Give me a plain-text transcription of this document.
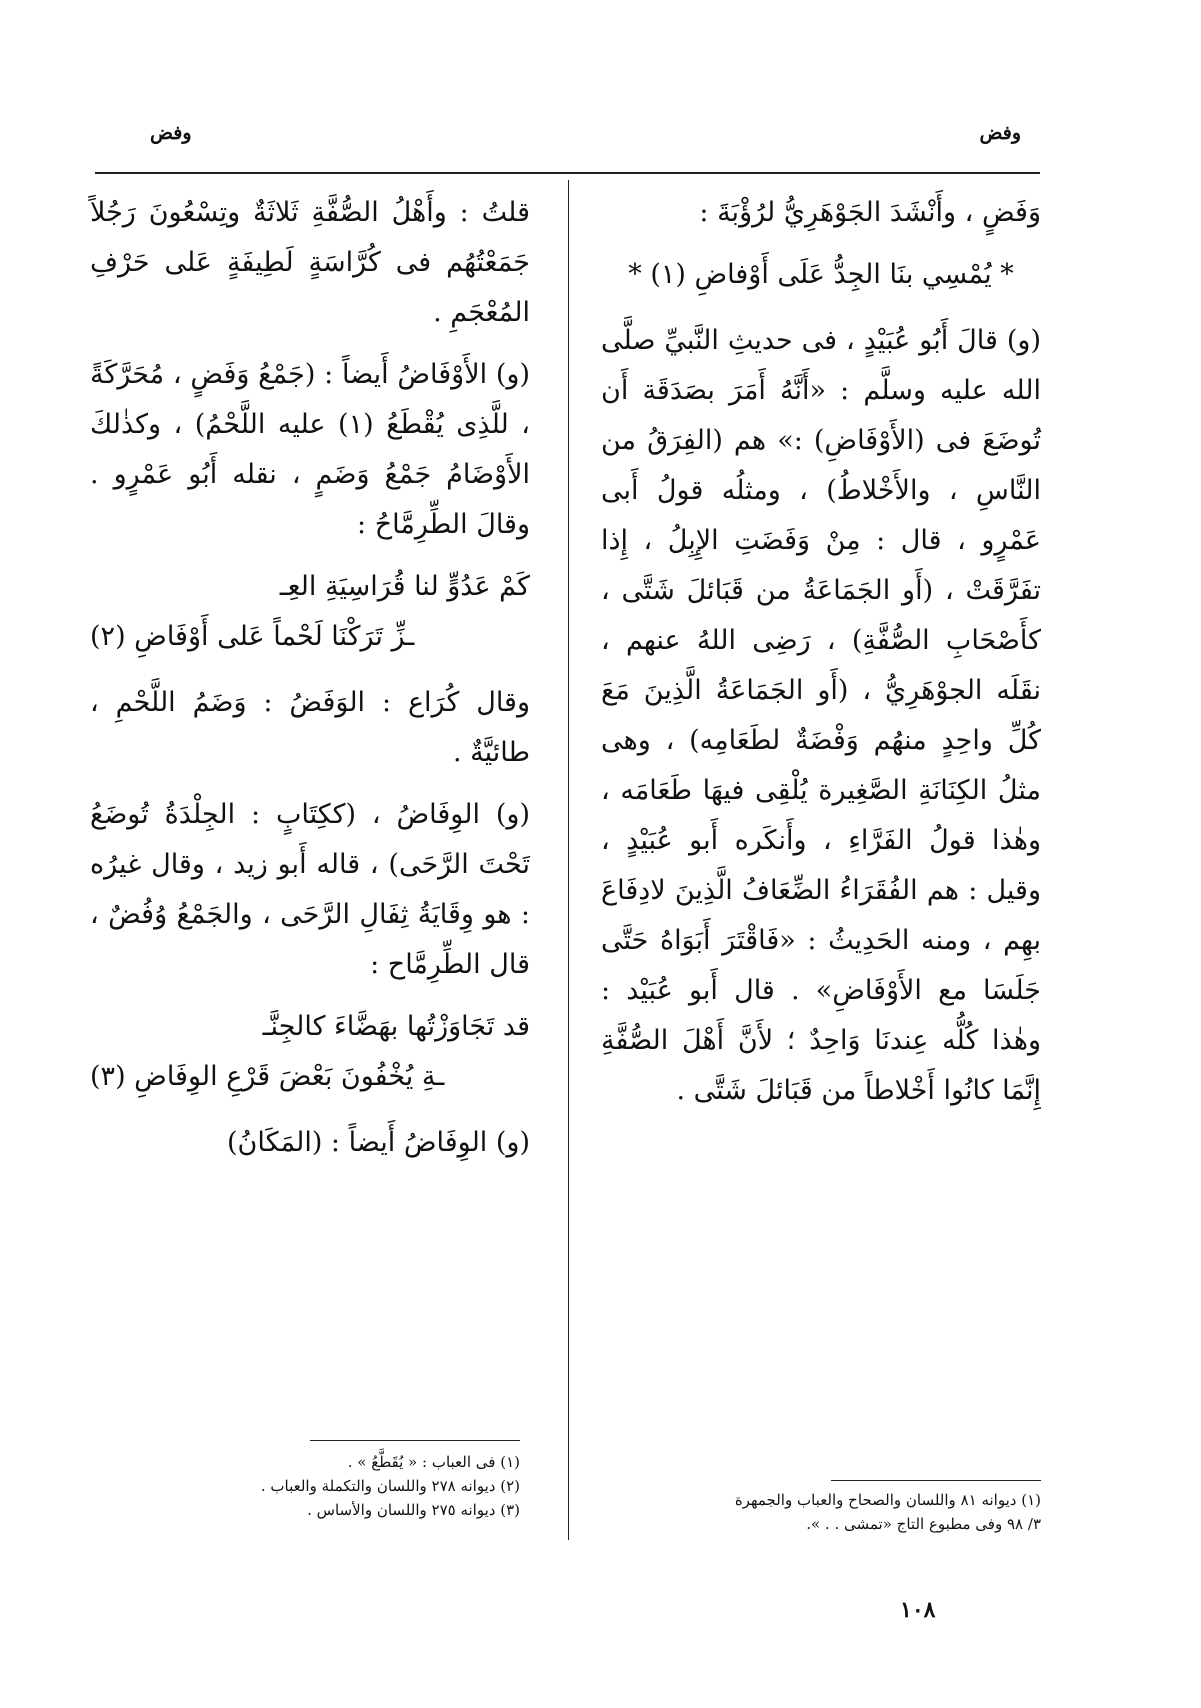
وفض
وفض

وَفَضٍ ، وأَنْشَدَ الجَوْهَرِيُّ لرُؤْبَةَ :

* يُمْسِي بنَا الجِدُّ عَلَى أَوْفاضِ (١) *

(و) قالَ أَبُو عُبَيْدٍ ، فى حديثِ النَّبيِّ صلَّى الله عليه وسلَّم : «أَنَّهُ أَمَرَ بصَدَقَة أَن تُوضَعَ فى (الأَوْفَاضِ) :» هم (الفِرَقُ من النَّاسِ ، والأَخْلاطُ) ، ومثلُه قولُ أَبى عَمْرٍو ، قال : مِنْ وَفَضَتِ الإِبِلُ ، إِذا تفَرَّقَتْ ، (أَو الجَمَاعَةُ من قَبَائلَ شَتَّى ، كأَصْحَابِ الصُّفَّةِ) ، رَضِى اللهُ عنهم ، نقَلَه الجوْهَرِيُّ ، (أَو الجَمَاعَةُ الَّذِينَ مَعَ كُلِّ واحِدٍ منهُم وَفْضَةٌ لطَعَامِه) ، وهى مثلُ الكِنَانَةِ الصَّغِيرة يُلْقِى فيهَا طَعَامَه ، وهٰذا قولُ الفَرَّاءِ ، وأَنكَره أَبو عُبَيْدٍ ، وقيل : هم الفُقَرَاءُ الضِّعَافُ الَّذِينَ لادِفَاعَ بهِم ، ومنه الحَدِيثُ : «فَاقْتَرَ أَبَوَاهُ حَتَّى جَلَسَا مع الأَوْفَاضِ» . قال أَبو عُبَيْد : وهٰذا كُلُّه عِندنَا وَاحِدٌ ؛ لأَنَّ أَهْلَ الصُّفَّةِ إِنَّمَا كانُوا أَخْلاطاً من قَبَائلَ شَتَّى .

قلتُ : وأَهْلُ الصُّفَّةِ ثَلاثَةٌ وتِسْعُونَ رَجُلاً جَمَعْتُهُم فى كُرَّاسَةٍ لَطِيفَةٍ عَلى حَرْفِ المُعْجَمِ .

(و) الأَوْفَاضُ أَيضاً : (جَمْعُ وَفَضٍ ، مُحَرَّكَةً ، للَّذِى يُقْطَعُ (١) عليه اللَّحْمُ) ، وكذٰلكَ الأَوْضَامُ جَمْعُ وَضَمٍ ، نقله أَبُو عَمْرٍو . وقالَ الطِّرِمَّاحُ :

كَمْ عَدُوٍّ لنا قُرَاسِيَةِ العِـ
ـزِّ تَرَكْنَا لَحْماً عَلى أَوْفَاضِ (٢)

وقال كُرَاع : الوَفَضُ : وَضَمُ اللَّحْمِ ، طائيَّةٌ .

(و) الوِفَاضُ ، (ككِتَابٍ : الجِلْدَةُ تُوضَعُ تَحْتَ الرَّحَى) ، قاله أَبو زيد ، وقال غيرُه : هو وِقَايَةُ ثِفَالِ الرَّحَى ، والجَمْعُ وُفُضٌ ، قال الطِّرِمَّاح :

قد تَجَاوَزْتُها بهَضَّاءَ كالجِنَّـ
ـةِ يُخْفُونَ بَعْضَ قَرْعِ الوِفَاضِ (٣)

(و) الوِفَاضُ أَيضاً : (المَكَانُ)

(١) ديوانه ٨١ واللسان والصحاح والعباب والجمهرة
٣/ ٩٨ وفى مطبوع التاج «تمشى . . ».
(١) فى العباب : « يُقَطَّعُ » .
(٢) ديوانه ٢٧٨ واللسان والتكملة والعباب .
(٣) ديوانه ٢٧٥ واللسان والأساس .
١٠٨
